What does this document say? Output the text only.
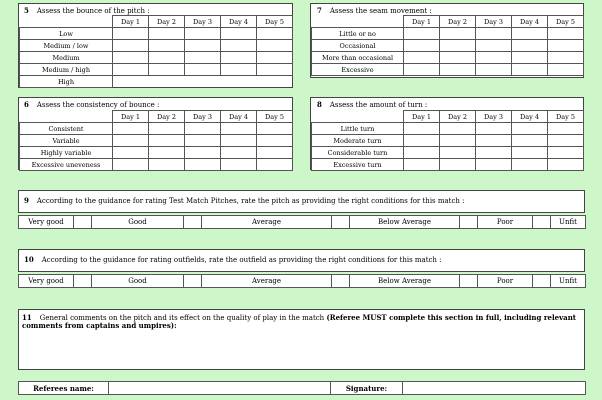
5 Assess the bounce of the pitch :
	Day 1	Day 2	Day 3	Day 4	Day 5
Low					
Medium / low					
Medium					
Medium / high					
High					
7 Assess the seam movement :
	Day 1	Day 2	Day 3	Day 4	Day 5
Little or no					
Occasional					
More than occasional					
Excessive					
6 Assess the consistency of bounce :
	Day 1	Day 2	Day 3	Day 4	Day 5
Consistent					
Variable					
Highly variable					
Excessive uneveness					
8 Assess the amount of turn :
	Day 1	Day 2	Day 3	Day 4	Day 5
Little turn					
Moderate turn					
Considerable turn					
Excessive turn					
9 According to the guidance for rating Test Match Pitches, rate the pitch as providing the right conditions for this match :
Very good		Good		Average		Below Average		Poor		Unfit
10 According to the guidance for rating outfields, rate the outfield as providing the right conditions for this match :
Very good		Good		Average		Below Average		Poor		Unfit
11 General comments on the pitch and its effect on the quality of play in the match (Referee MUST complete this section in full, including relevant comments from captains and umpires):
Referees name:		Signature:	
